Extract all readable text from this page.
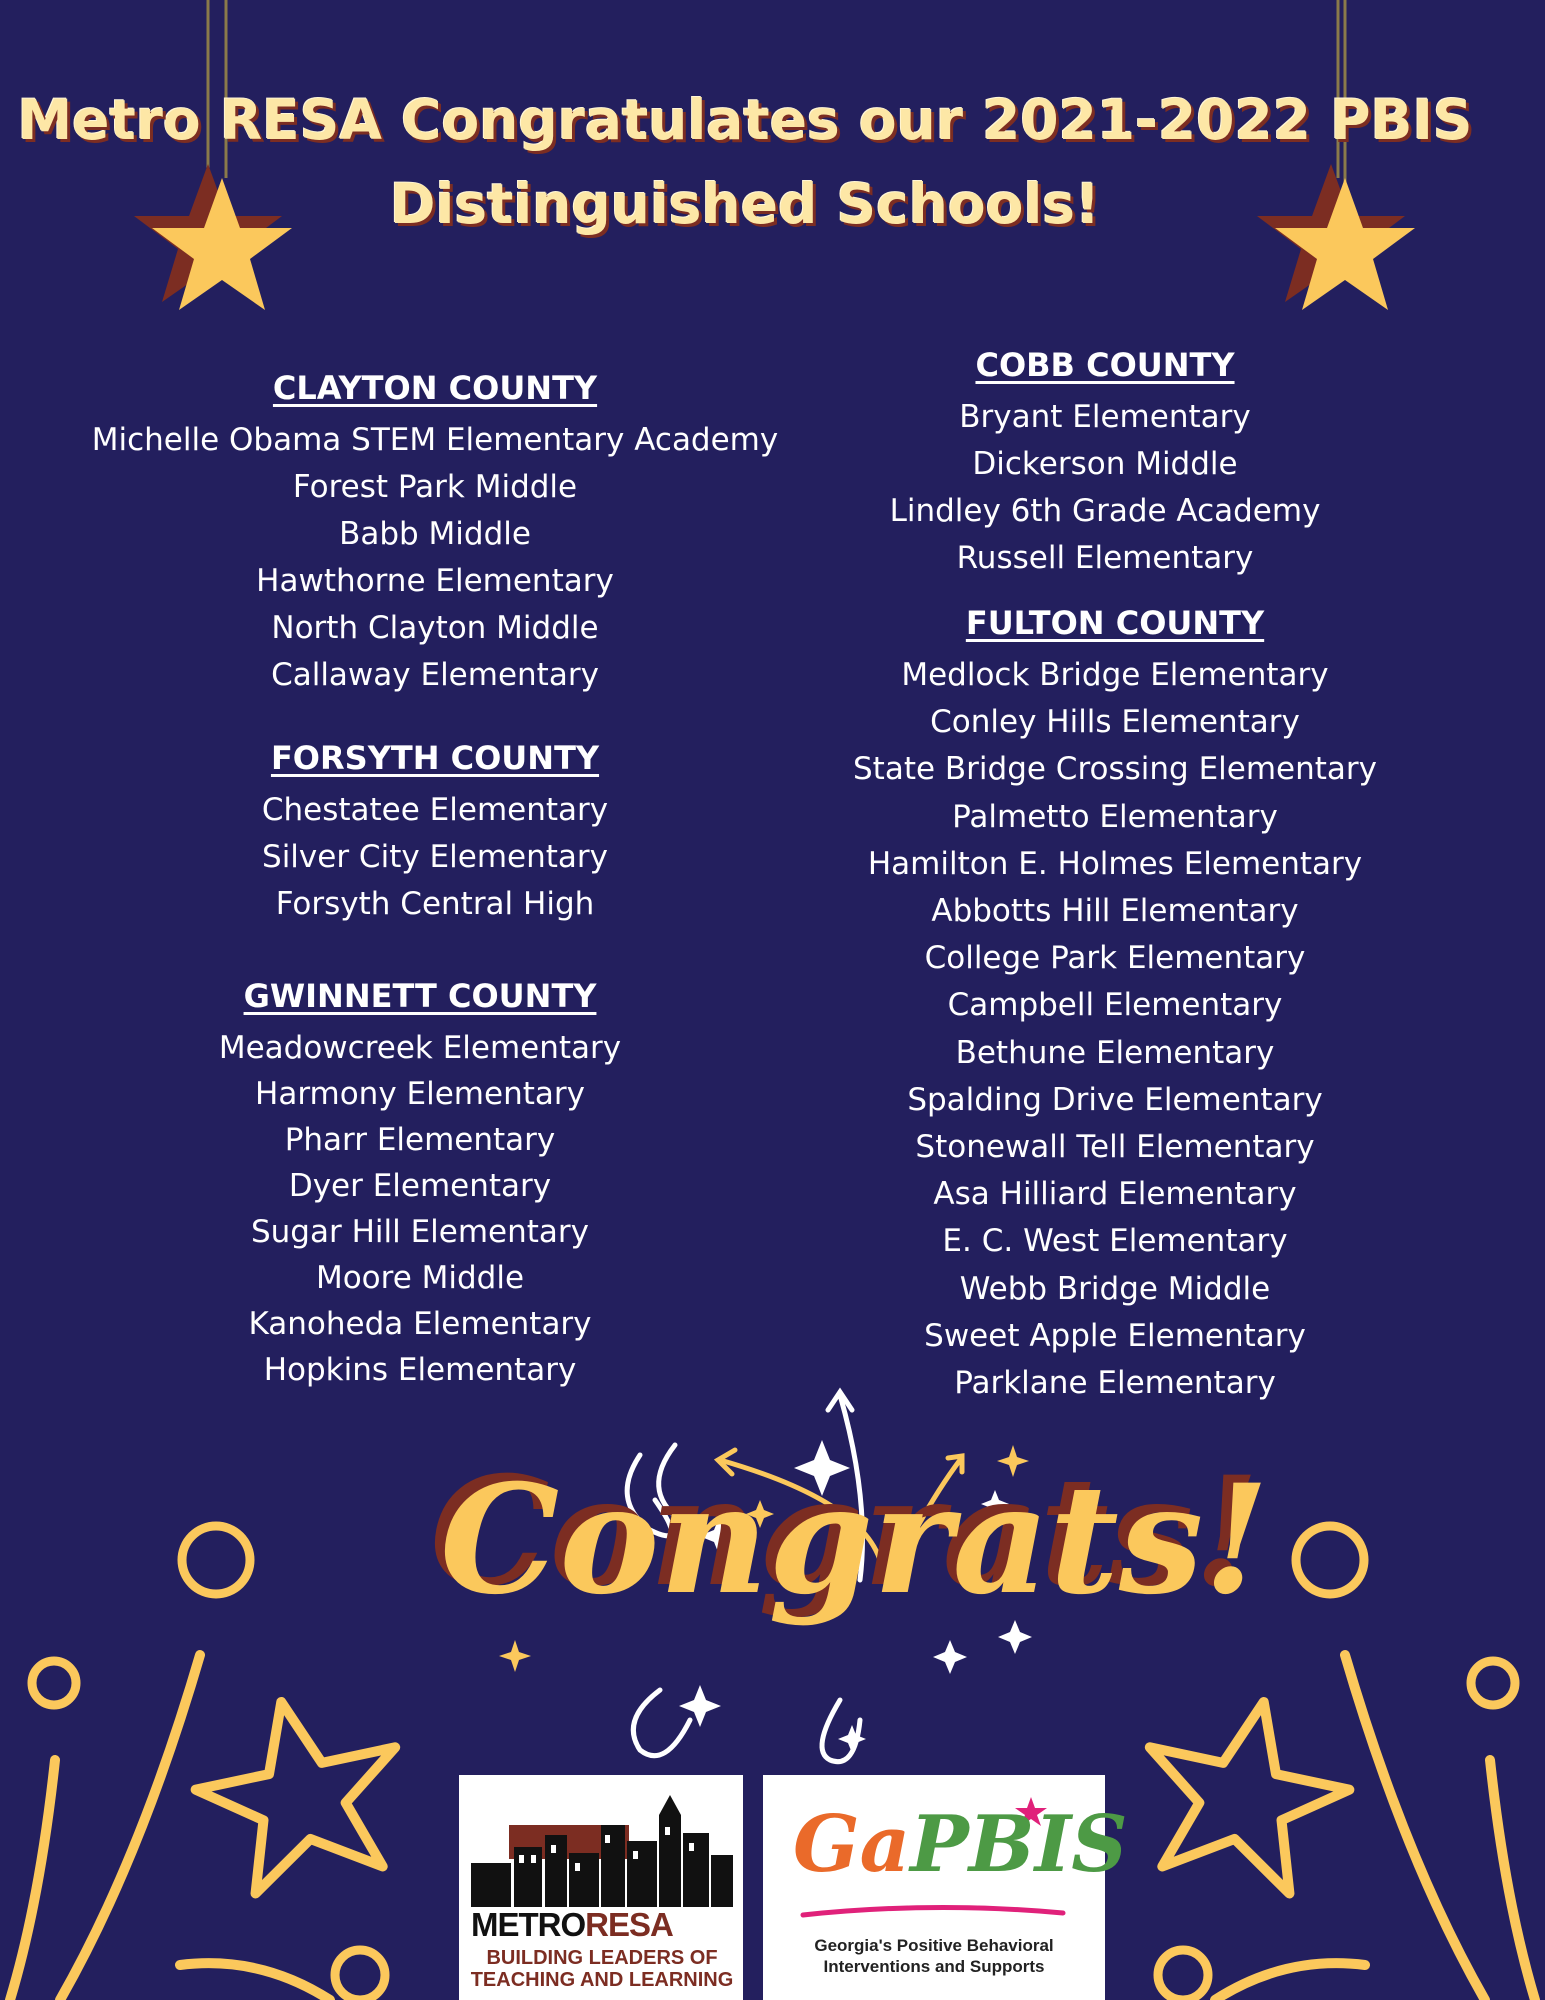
Metro RESA Congratulates our 2021-2022 PBIS
Distinguished Schools!
CLAYTON COUNTY
Michelle Obama STEM Elementary Academy
Forest Park Middle
Babb Middle
Hawthorne Elementary
North Clayton Middle
Callaway Elementary
FORSYTH COUNTY
Chestatee Elementary
Silver City Elementary
Forsyth Central High
GWINNETT COUNTY
Meadowcreek Elementary
Harmony Elementary
Pharr Elementary
Dyer Elementary
Sugar Hill Elementary
Moore Middle
Kanoheda Elementary
Hopkins Elementary
COBB COUNTY
Bryant Elementary
Dickerson Middle
Lindley 6th Grade Academy
Russell Elementary
FULTON COUNTY
Medlock Bridge Elementary
Conley Hills Elementary
State Bridge Crossing Elementary
Palmetto Elementary
Hamilton E. Holmes Elementary
Abbotts Hill Elementary
College Park Elementary
Campbell Elementary
Bethune Elementary
Spalding Drive Elementary
Stonewall Tell Elementary
Asa Hilliard Elementary
E. C. West Elementary
Webb Bridge Middle
Sweet Apple Elementary
Parklane Elementary
Congrats!

METRORESA

BUILDING LEADERS OF
TEACHING AND LEARNING

GaPBIS

Georgia's Positive Behavioral
Interventions and Supports
